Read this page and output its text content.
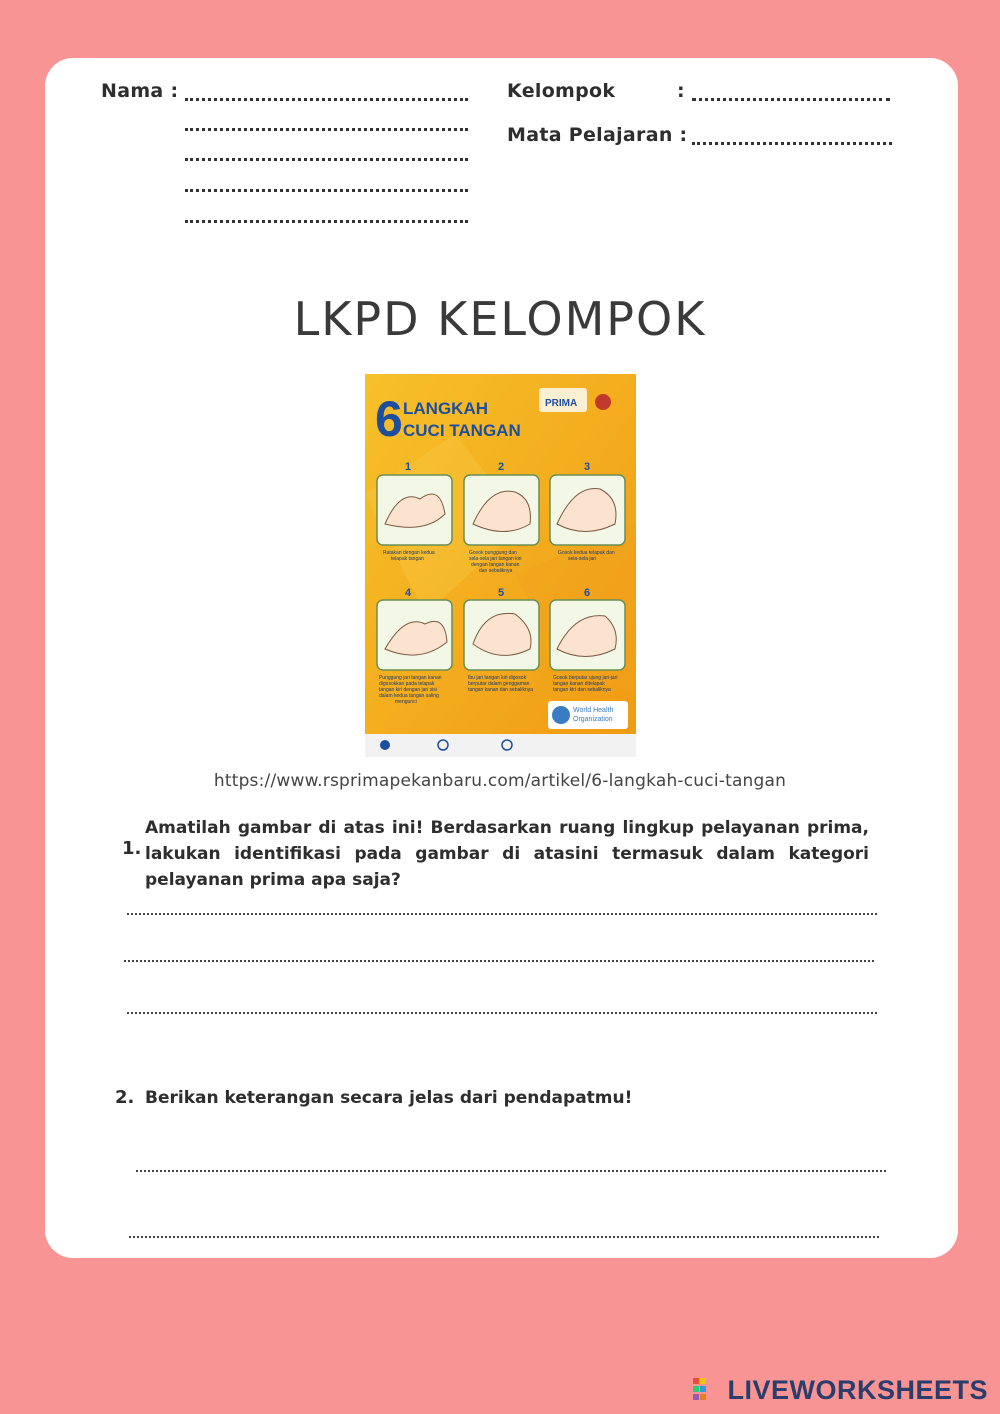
Nama :	Kelompok	:
Mata Pelajaran :
LKPD KELOMPOK
6 LANGKAH
CUCI TANGAN
PRIMA
1	2	3
4	5	6
Ratakan dengan kedua
telapak tangan
Gosok punggung dan
sela-sela jari tangan kiri
dengan tangan kanan
dan sebaliknya
Gosok kedua telapak dan
sela-sela jari
Punggung jari tangan kanan
digosokkan pada telapak
tangan kiri dengan jari sisi
dalam kedua tangan saling
mengunci
Ibu jari tangan kiri digosok
berputar dalam genggaman
tangan kanan dan sebaliknya
Gosok berputar ujung jari-jari
tangan kanan ditelapak
tangan kiri dan sebaliknya
World Health
Organization
https://www.rsprimapekanbaru.com/artikel/6-langkah-cuci-tangan
1.
Amatilah gambar di atas ini! Berdasarkan ruang lingkup pelayanan prima, lakukan identifikasi pada gambar di atasini termasuk dalam kategori pelayanan prima apa saja?
2. Berikan keterangan secara jelas dari pendapatmu!
LIVEWORKSHEETS
